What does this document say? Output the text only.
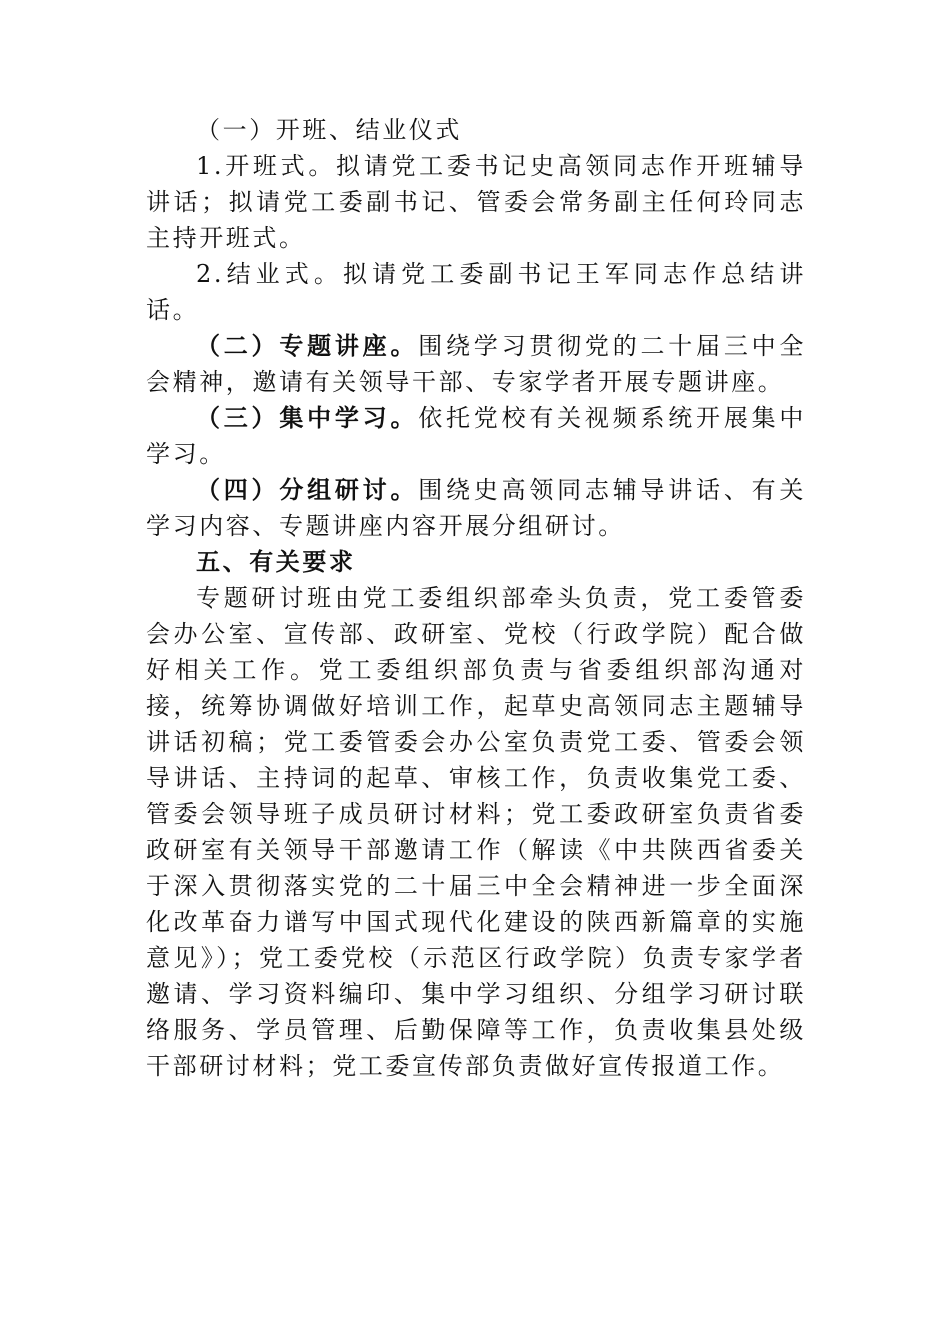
（一）开班、结业仪式

1.开班式。拟请党工委书记史高领同志作开班辅导讲话；拟请党工委副书记、管委会常务副主任何玲同志主持开班式。

2.结业式。拟请党工委副书记王军同志作总结讲话。

（二）专题讲座。围绕学习贯彻党的二十届三中全会精神，邀请有关领导干部、专家学者开展专题讲座。

（三）集中学习。依托党校有关视频系统开展集中学习。

（四）分组研讨。围绕史高领同志辅导讲话、有关学习内容、专题讲座内容开展分组研讨。

五、有关要求

专题研讨班由党工委组织部牵头负责，党工委管委会办公室、宣传部、政研室、党校（行政学院）配合做好相关工作。党工委组织部负责与省委组织部沟通对接，统筹协调做好培训工作，起草史高领同志主题辅导讲话初稿；党工委管委会办公室负责党工委、管委会领导讲话、主持词的起草、审核工作，负责收集党工委、管委会领导班子成员研讨材料；党工委政研室负责省委政研室有关领导干部邀请工作（解读《中共陕西省委关于深入贯彻落实党的二十届三中全会精神进一步全面深化改革奋力谱写中国式现代化建设的陕西新篇章的实施意见》）；党工委党校（示范区行政学院）负责专家学者邀请、学习资料编印、集中学习组织、分组学习研讨联络服务、学员管理、后勤保障等工作，负责收集县处级干部研讨材料；党工委宣传部负责做好宣传报道工作。
